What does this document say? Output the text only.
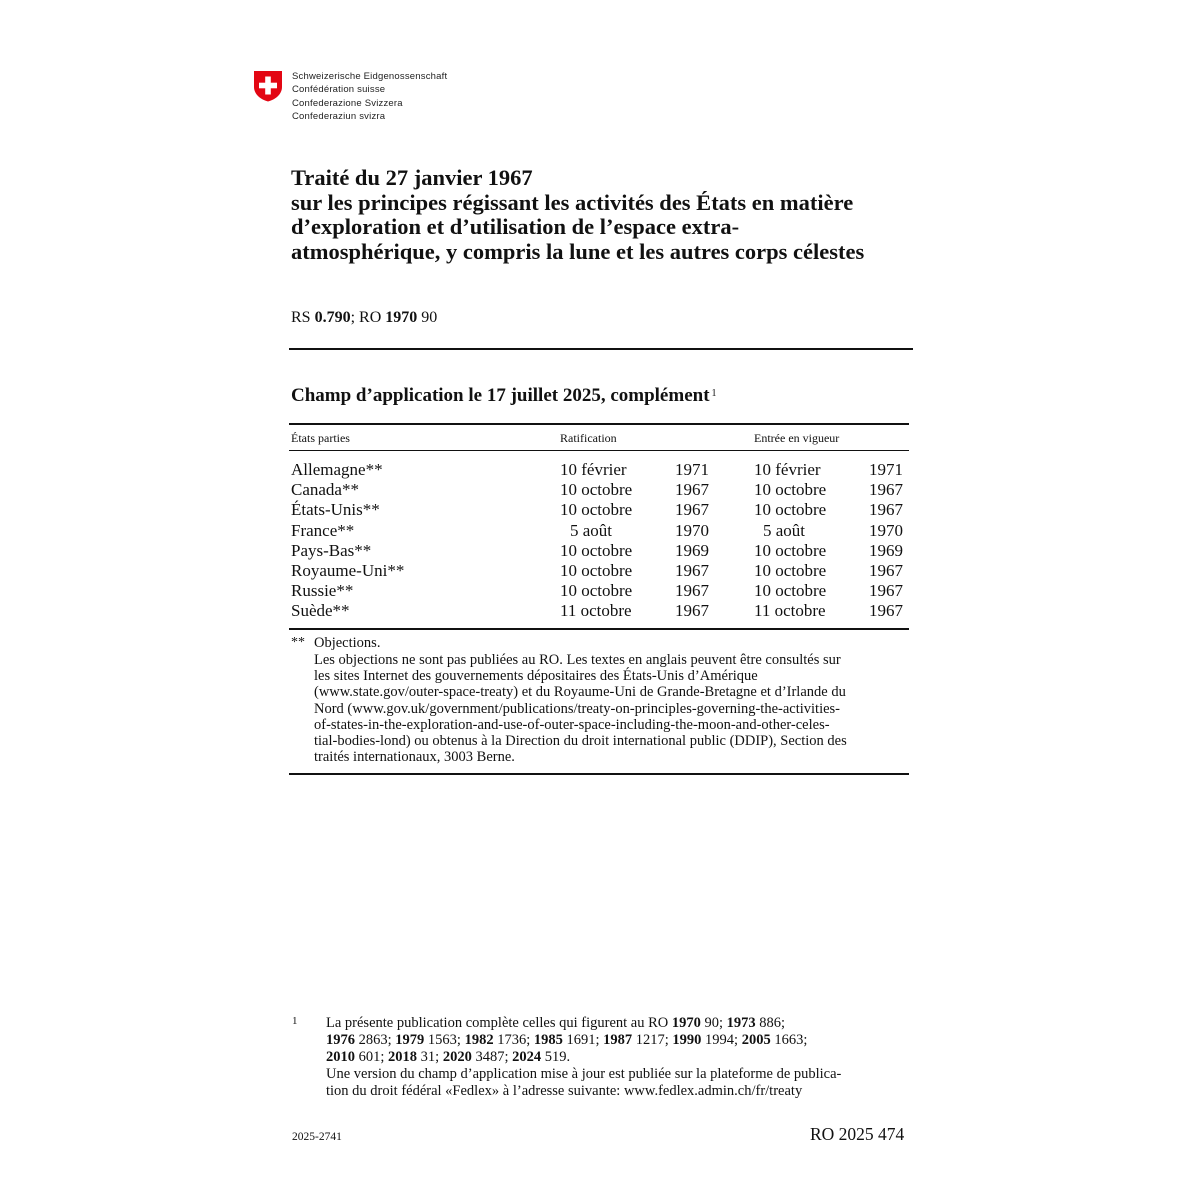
Schweizerische Eidgenossenschaft
Confédération suisse
Confederazione Svizzera
Confederaziun svizra
Traité du 27 janvier 1967
sur les principes régissant les activités des États en matière
d’exploration et d’utilisation de l’espace extra-
atmosphérique, y compris la lune et les autres corps célestes
RS 0.790; RO 1970 90
Champ d’application le 17 juillet 2025, complément $^1$
États parties	Ratification	Entrée en vigueur
Allemagne**	10 février	1971	10 février	1971
Canada**	10 octobre	1967	10 octobre	1967
États-Unis**	10 octobre	1967	10 octobre	1967
France**	5 août	1970	5 août	1970
Pays-Bas**	10 octobre	1969	10 octobre	1969
Royaume-Uni**	10 octobre	1967	10 octobre	1967
Russie**	10 octobre	1967	10 octobre	1967
Suède**	11 octobre	1967	11 octobre	1967
** Objections.
Les objections ne sont pas publiées au RO. Les textes en anglais peuvent être consultés sur
les sites Internet des gouvernements dépositaires des États-Unis d’Amérique
(www.state.gov/outer-space-treaty) et du Royaume-Uni de Grande-Bretagne et d’Irlande du
Nord (www.gov.uk/government/publications/treaty-on-principles-governing-the-activities-
of-states-in-the-exploration-and-use-of-outer-space-including-the-moon-and-other-celes-
tial-bodies-lond) ou obtenus à la Direction du droit international public (DDIP), Section des
traités internationaux, 3003 Berne.
1 La présente publication complète celles qui figurent au RO 1970 90; 1973 886;
1976 2863; 1979 1563; 1982 1736; 1985 1691; 1987 1217; 1990 1994; 2005 1663;
2010 601; 2018 31; 2020 3487; 2024 519.
Une version du champ d’application mise à jour est publiée sur la plateforme de publica-
tion du droit fédéral «Fedlex» à l’adresse suivante: www.fedlex.admin.ch/fr/treaty
2025-2741	RO 2025 474
